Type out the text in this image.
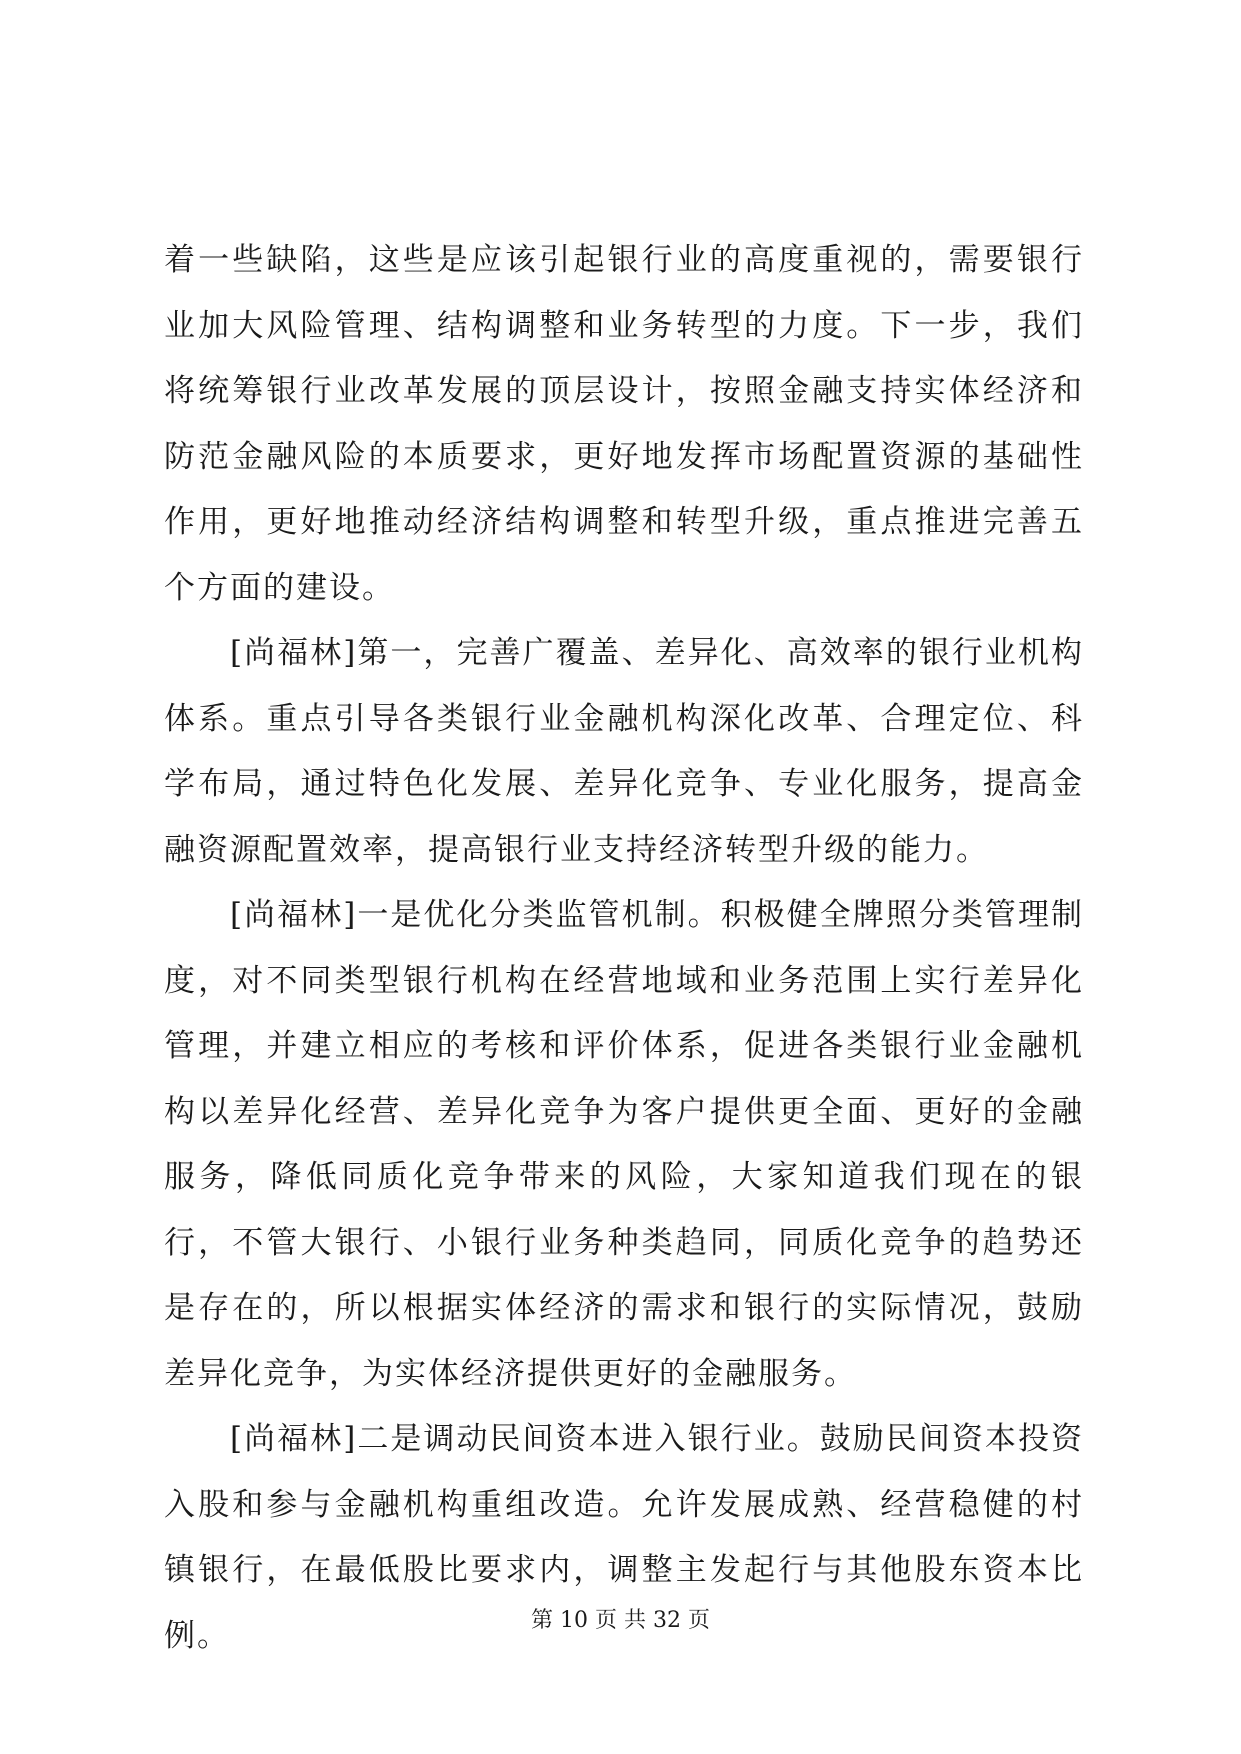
着一些缺陷，这些是应该引起银行业的高度重视的，需要银行业加大风险管理、结构调整和业务转型的力度。下一步，我们将统筹银行业改革发展的顶层设计，按照金融支持实体经济和防范金融风险的本质要求，更好地发挥市场配置资源的基础性作用，更好地推动经济结构调整和转型升级，重点推进完善五个方面的建设。

[尚福林]第一，完善广覆盖、差异化、高效率的银行业机构体系。重点引导各类银行业金融机构深化改革、合理定位、科学布局，通过特色化发展、差异化竞争、专业化服务，提高金融资源配置效率，提高银行业支持经济转型升级的能力。

[尚福林]一是优化分类监管机制。积极健全牌照分类管理制度，对不同类型银行机构在经营地域和业务范围上实行差异化管理，并建立相应的考核和评价体系，促进各类银行业金融机构以差异化经营、差异化竞争为客户提供更全面、更好的金融服务，降低同质化竞争带来的风险，大家知道我们现在的银行，不管大银行、小银行业务种类趋同，同质化竞争的趋势还是存在的，所以根据实体经济的需求和银行的实际情况，鼓励差异化竞争，为实体经济提供更好的金融服务。

[尚福林]二是调动民间资本进入银行业。鼓励民间资本投资入股和参与金融机构重组改造。允许发展成熟、经营稳健的村镇银行，在最低股比要求内，调整主发起行与其他股东资本比例。	第 10 页 共 32 页
